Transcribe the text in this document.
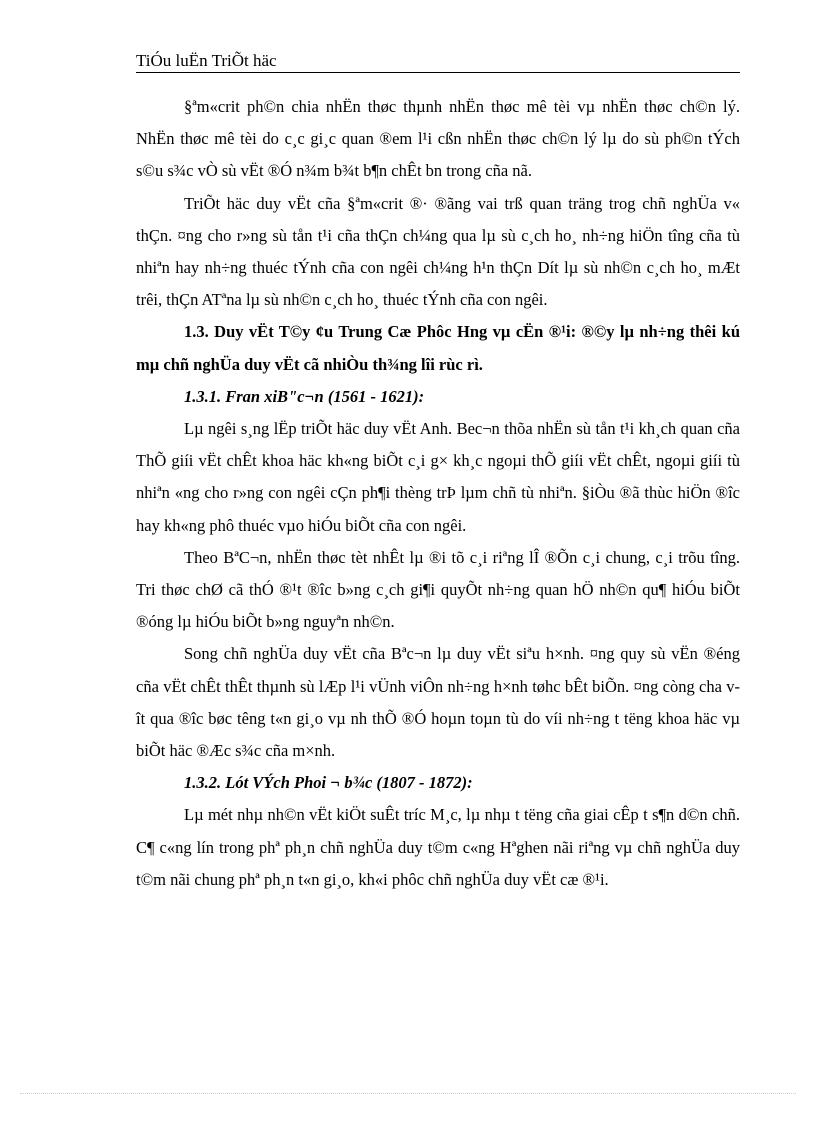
TiÓu luËn TriÕt häc

§ªm«crit ph©n chia nhËn thøc thµnh nhËn thøc mê tèi vµ nhËn thøc ch©n lý. NhËn thøc mê tèi do c¸c gi¸c quan ®em l¹i cßn nhËn thøc ch©n lý lµ do sù ph©n tÝch s©u s¾c vÒ sù vËt ®Ó n¾m b¾t b¶n chÊt bn trong cña nã.

TriÕt häc duy vËt cña §ªm«crit ®· ®ãng vai trß quan träng trog chñ nghÜa v« thÇn. ¤ng cho r»ng sù tån t¹i cña thÇn ch¼ng qua lµ sù c¸ch ho¸ nh÷ng hiÖn tîng cña tù nhiªn hay nh÷ng thuéc tÝnh cña con ngêi ch¼ng h¹n thÇn Dít lµ sù nh©n c¸ch ho¸ mÆt trêi, thÇn ATªna lµ sù nh©n c¸ch ho¸ thuéc tÝnh cña con ngêi.

1.3. Duy vËt T©y ¢u Trung Cæ Phôc Hng vµ cËn ®¹i: ®©y lµ nh÷ng thêi kú mµ chñ nghÜa duy vËt cã nhiÒu th¾ng lîi rùc rì.

1.3.1. Fran xiB"c¬n (1561 - 1621):

Lµ ngêi s¸ng lËp triÕt häc duy vËt Anh. Bec¬n thõa nhËn sù tån t¹i kh¸ch quan cña ThÕ giíi vËt chÊt khoa häc kh«ng biÕt c¸i g× kh¸c ngoµi thÕ giíi vËt chÊt, ngoµi giíi tù nhiªn «ng cho r»ng con ngêi cÇn ph¶i thèng trÞ lµm chñ tù nhiªn. §iÒu ®ã thùc hiÖn ®îc hay kh«ng phô thuéc vµo hiÓu biÕt cña con ngêi.

Theo BªC¬n, nhËn thøc tèt nhÊt lµ ®i tõ c¸i riªng lÎ ®Õn c¸i chung, c¸i trõu tîng. Tri thøc chØ cã thÓ ®¹t ®îc b»ng c¸ch gi¶i quyÕt nh÷ng quan hÖ nh©n qu¶ hiÓu biÕt ®óng lµ hiÓu biÕt b»ng nguyªn nh©n.

Song chñ nghÜa duy vËt cña Bªc¬n lµ duy vËt siªu h×nh. ¤ng quy sù vËn ®éng cña vËt chÊt thÊt thµnh sù lÆp l¹i vÜnh viÔn nh÷ng h×nh tøhc bÊt biÕn. ¤ng còng cha vît qua ®îc bøc têng t«n gi¸o vµ nh thÕ ®Ó hoµn toµn tù do víi nh÷ng t tëng khoa häc vµ biÕt häc ®Æc s¾c cña m×nh.

1.3.2. Lót VÝch Phoi ¬ b¾c (1807 - 1872):

Lµ mét nhµ nh©n vËt kiÖt suÊt tríc M¸c, lµ nhµ t tëng cña giai cÊp t s¶n d©n chñ. C¶ c«ng lín trong phª ph¸n chñ nghÜa duy t©m c«ng Hªghen nãi riªng vµ chñ nghÜa duy t©m nãi chung phª ph¸n t«n gi¸o, kh«i phôc chñ nghÜa duy vËt cæ ®¹i.
